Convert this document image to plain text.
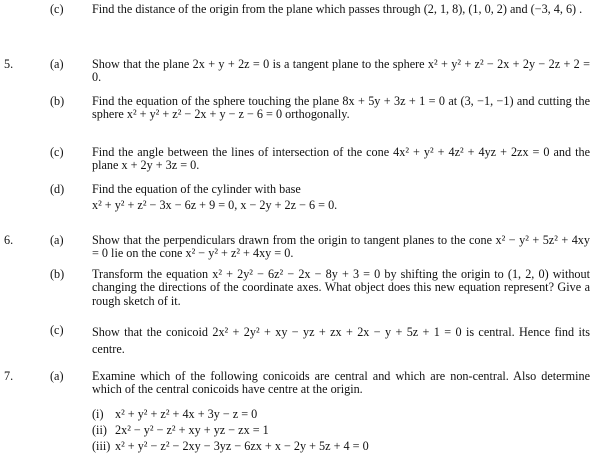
(c) Find the distance of the origin from the plane which passes through (2, 1, 8), (1, 0, 2) and (−3, 4, 6) .
5.	(a) Show that the plane 2x + y + 2z = 0 is a tangent plane to the sphere x² + y² + z² − 2x + 2y − 2z + 2 = 0.
(b) Find the equation of the sphere touching the plane 8x + 5y + 3z + 1 = 0 at (3, −1, −1) and cutting the sphere x² + y² + z² − 2x + y − z − 6 = 0 orthogonally.
(c) Find the angle between the lines of intersection of the cone 4x² + y² + 4z² + 4yz + 2zx = 0 and the plane x + 2y + 3z = 0.
(d) Find the equation of the cylinder with base
x² + y² + z² − 3x − 6z + 9 = 0, x − 2y + 2z − 6 = 0.
6.	(a) Show that the perpendiculars drawn from the origin to tangent planes to the cone x² − y² + 5z² + 4xy = 0 lie on the cone x² − y² + z² + 4xy = 0.
(b) Transform the equation x² + 2y² − 6z² − 2x − 8y + 3 = 0 by shifting the origin to (1, 2, 0) without changing the directions of the coordinate axes. What object does this new equation represent? Give a rough sketch of it.
(c) Show that the conicoid 2x² + 2y² + xy − yz + zx + 2x − y + 5z + 1 = 0 is central. Hence find its centre.
7.	(a) Examine which of the following conicoids are central and which are non-central. Also determine which of the central conicoids have centre at the origin.
(i) x² + y² + z² + 4x + 3y − z = 0
(ii) 2x² − y² − z² + xy + yz − zx = 1
(iii) x² + y² − z² − 2xy − 3yz − 6zx + x − 2y + 5z + 4 = 0
